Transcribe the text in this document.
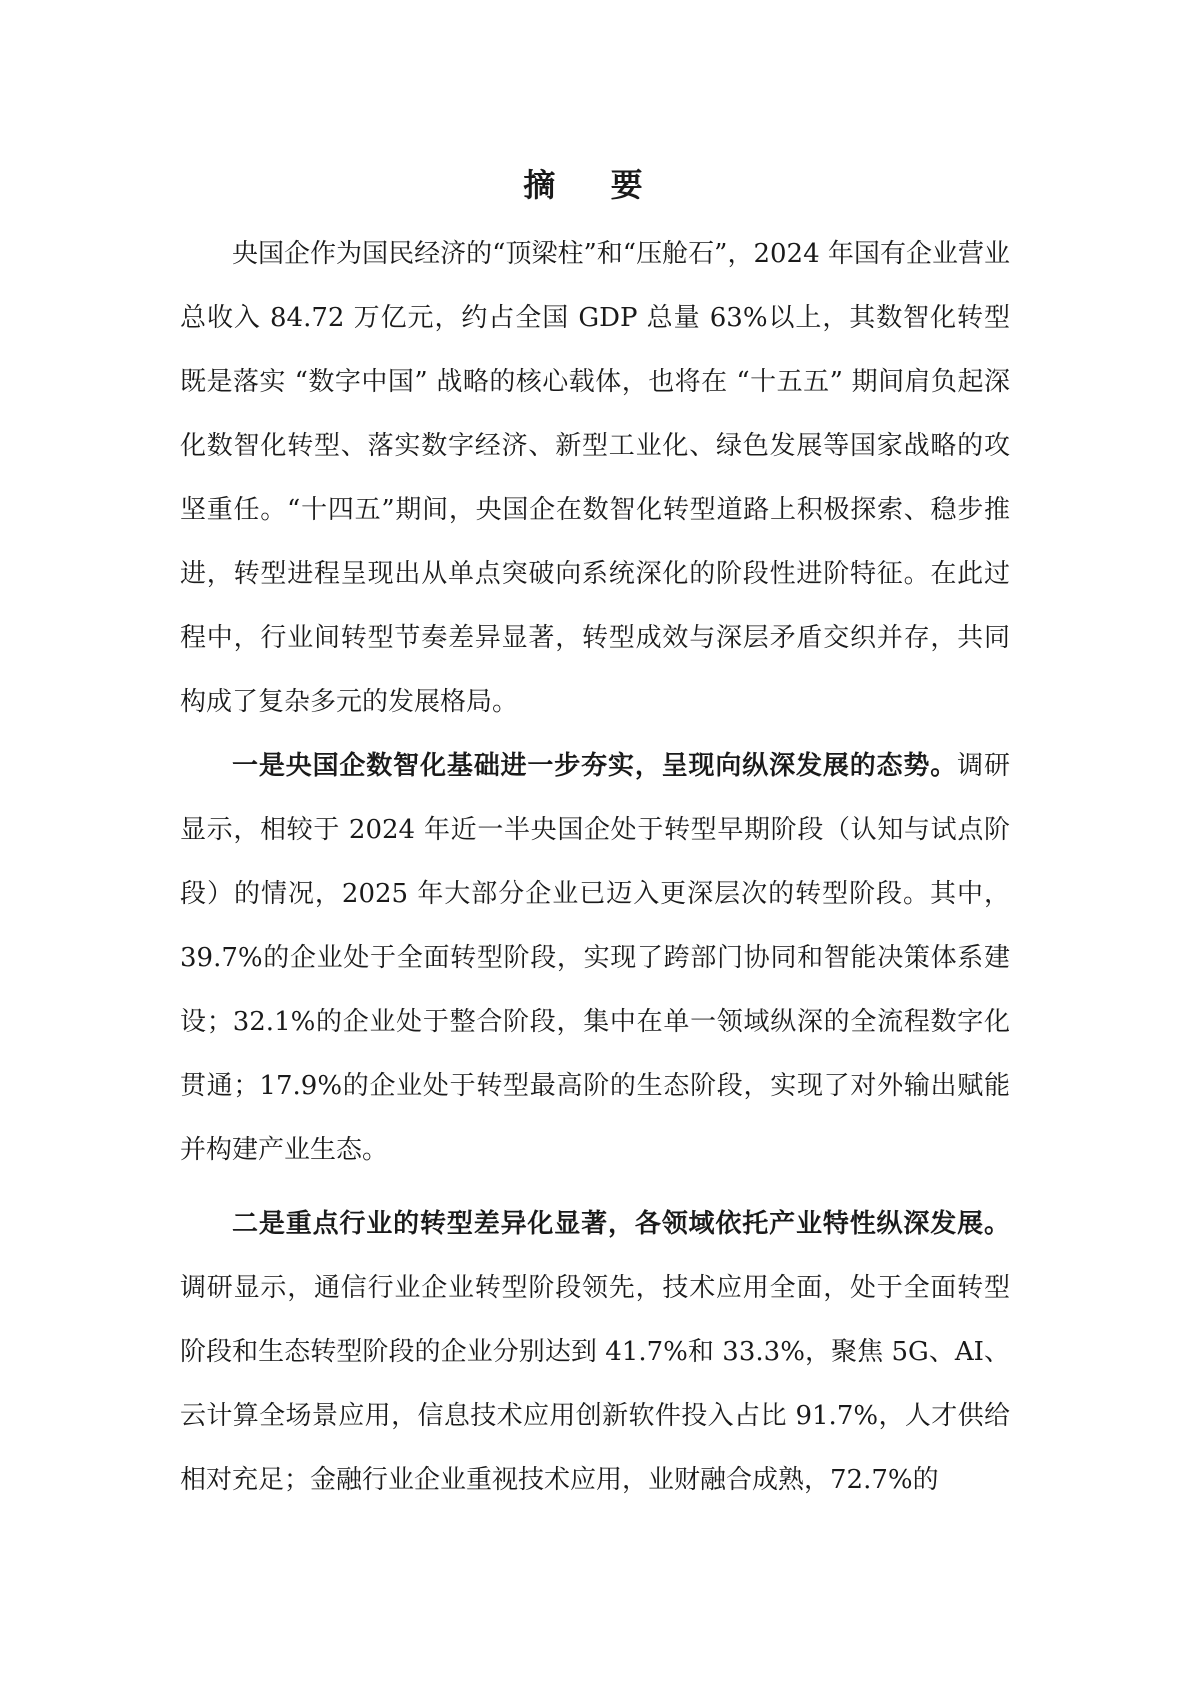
摘 要

央国企作为国民经济的“顶梁柱”和“压舱石”，2024 年国有企业营业总收入 84.72 万亿元，约占全国 GDP 总量 63%以上，其数智化转型既是落实 “数字中国” 战略的核心载体，也将在 “十五五” 期间肩负起深化数智化转型、落实数字经济、新型工业化、绿色发展等国家战略的攻坚重任。“十四五”期间，央国企在数智化转型道路上积极探索、稳步推进，转型进程呈现出从单点突破向系统深化的阶段性进阶特征。在此过程中，行业间转型节奏差异显著，转型成效与深层矛盾交织并存，共同构成了复杂多元的发展格局。

一是央国企数智化基础进一步夯实，呈现向纵深发展的态势。调研显示，相较于 2024 年近一半央国企处于转型早期阶段（认知与试点阶段）的情况，2025 年大部分企业已迈入更深层次的转型阶段。其中，39.7%的企业处于全面转型阶段，实现了跨部门协同和智能决策体系建设；32.1%的企业处于整合阶段，集中在单一领域纵深的全流程数字化贯通；17.9%的企业处于转型最高阶的生态阶段，实现了对外输出赋能并构建产业生态。

二是重点行业的转型差异化显著，各领域依托产业特性纵深发展。调研显示，通信行业企业转型阶段领先，技术应用全面，处于全面转型阶段和生态转型阶段的企业分别达到 41.7%和 33.3%，聚焦 5G、AI、云计算全场景应用，信息技术应用创新软件投入占比 91.7%，人才供给相对充足；金融行业企业重视技术应用，业财融合成熟，72.7%的
